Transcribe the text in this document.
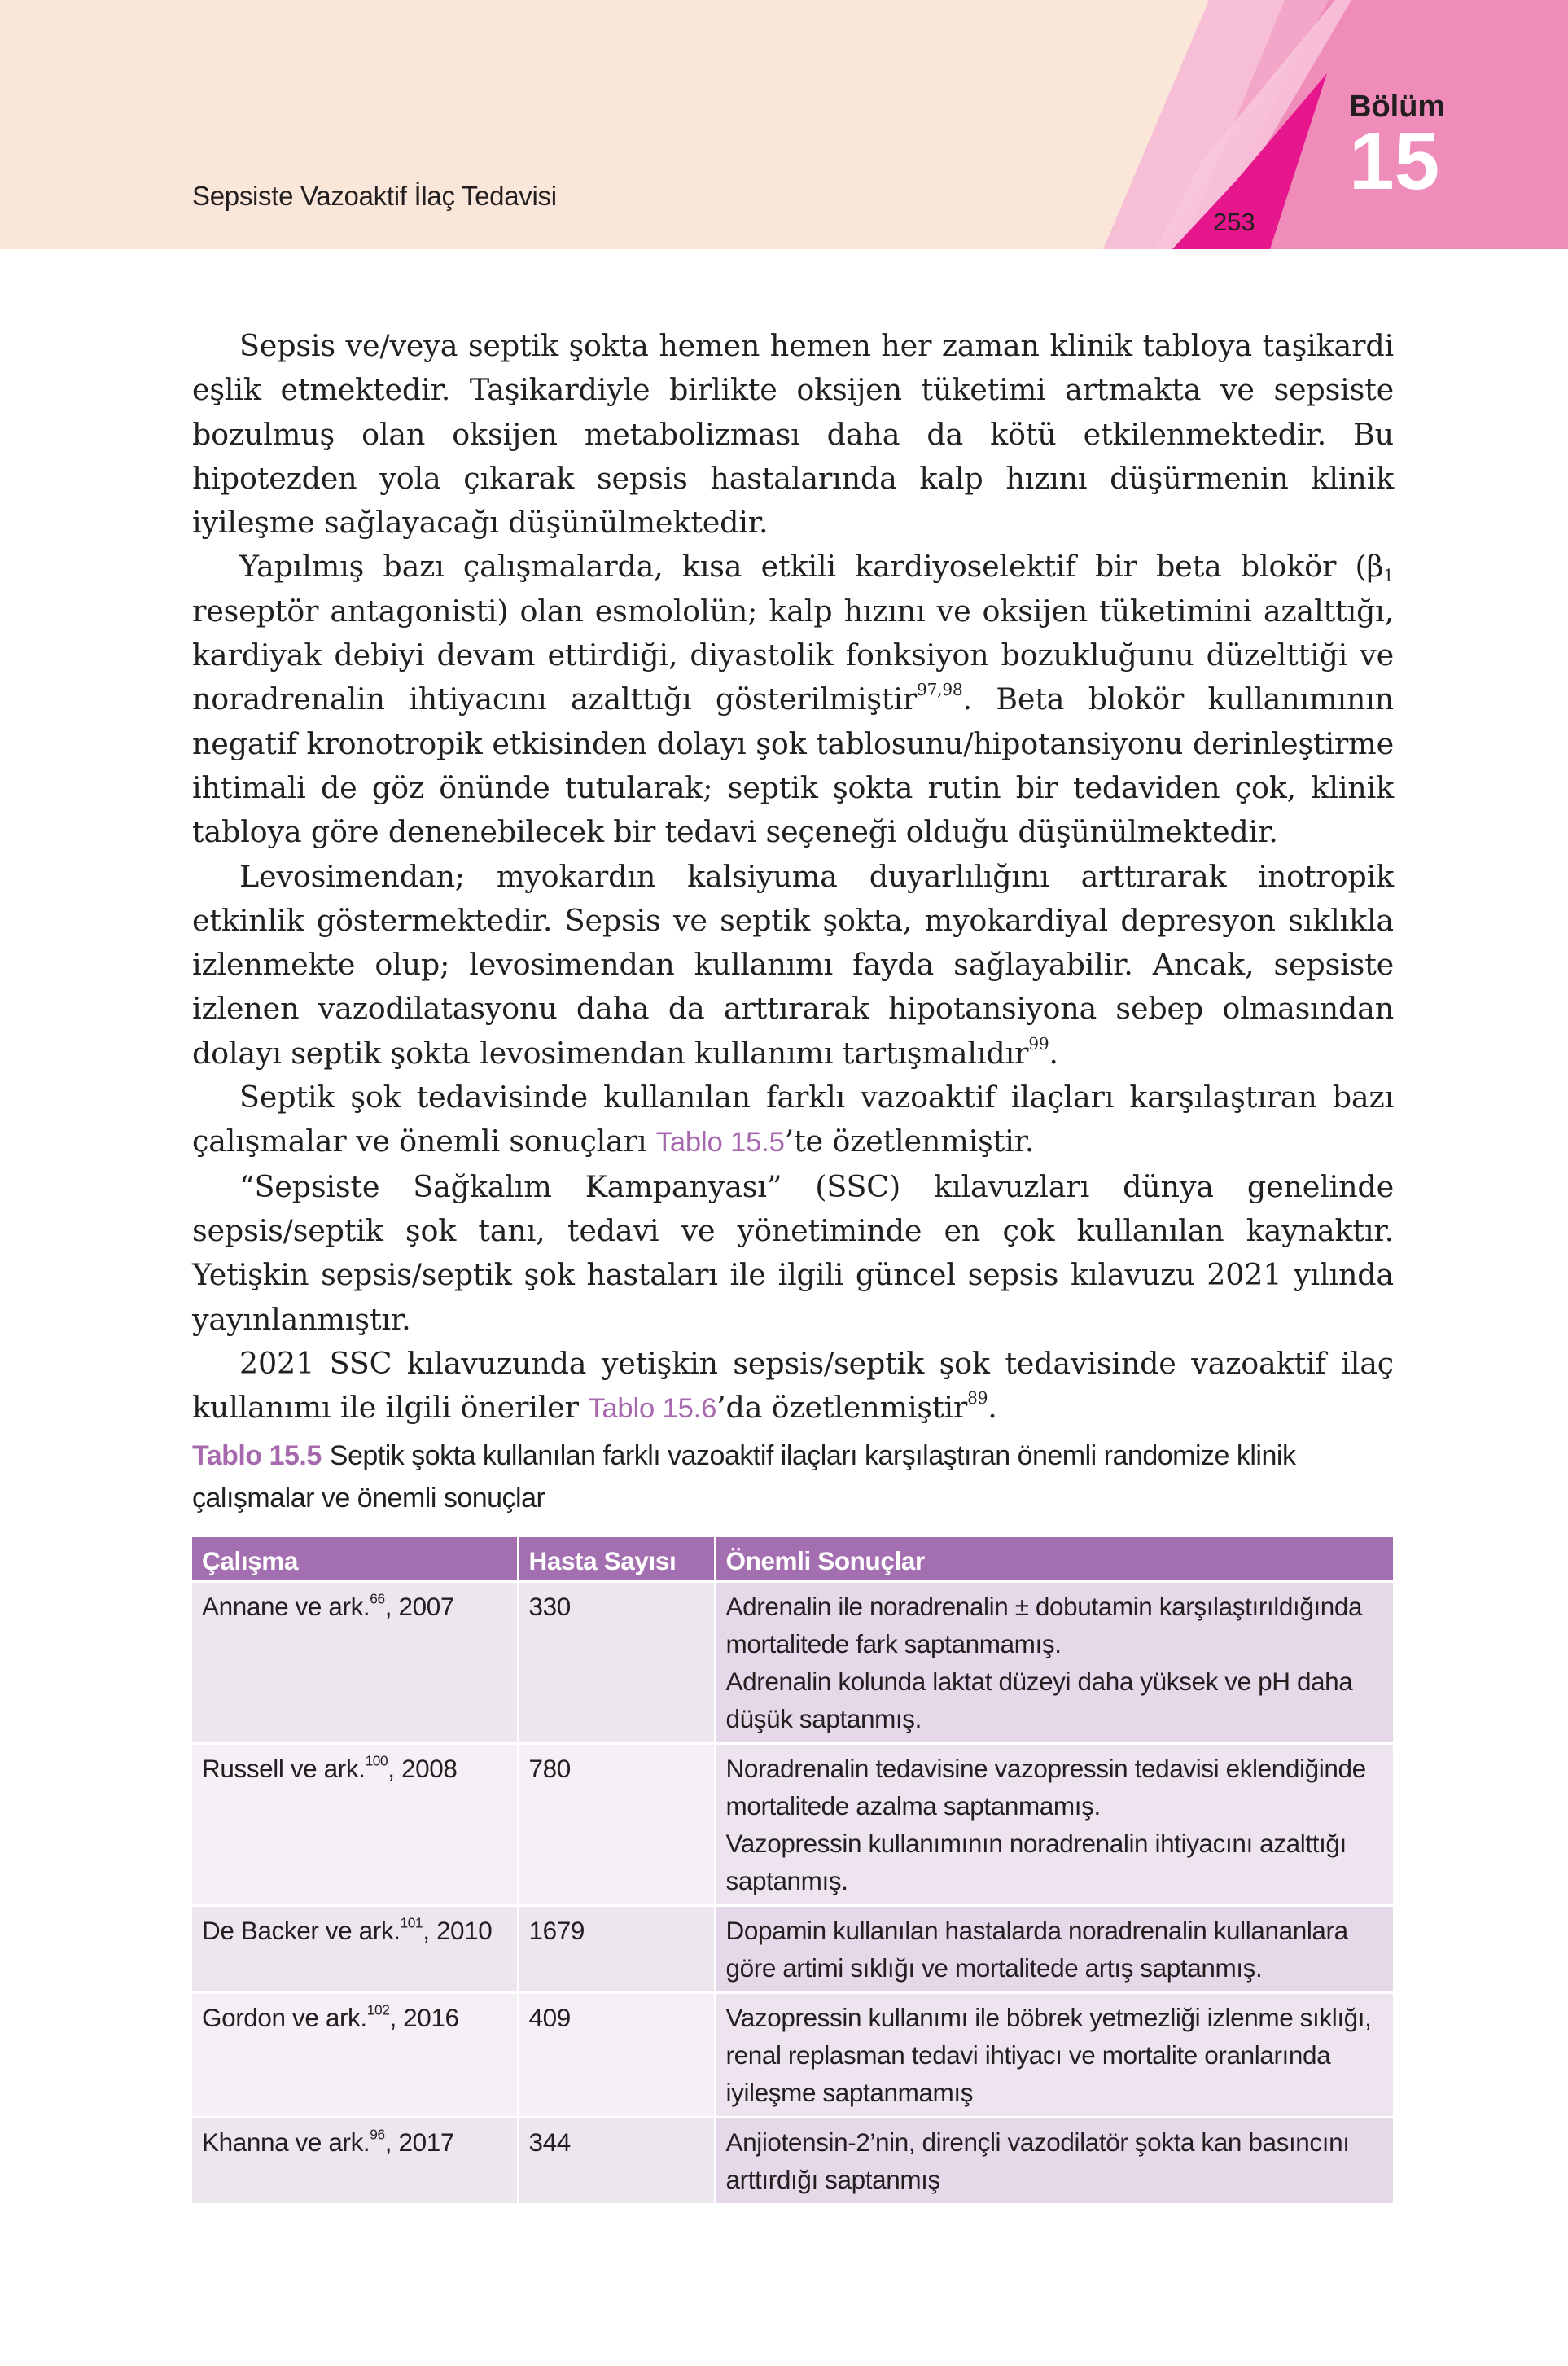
Sepsiste Vazoaktif İlaç Tedavisi
253
Bölüm
15

Sepsis ve/veya septik şokta hemen hemen her zaman klinik tabloya taşikardi eşlik etmektedir. Taşikardiyle birlikte oksijen tüketimi artmakta ve sepsiste bozulmuş olan oksijen metabolizması daha da kötü etkilenmektedir. Bu hipotezden yola çıkarak sepsis hastalarında kalp hızını düşürmenin klinik iyileşme sağlayacağı düşünülmektedir.

Yapılmış bazı çalışmalarda, kısa etkili kardiyoselektif bir beta blokör ($\beta_1$ reseptör antagonisti) olan esmololün; kalp hızını ve oksijen tüketimini azalttığı, kardiyak debiyi devam ettirdiği, diyastolik fonksiyon bozukluğunu düzelttiği ve noradrenalin ihtiyacını azalttığı gösterilmiştir$^{97,98}$. Beta blokör kullanımının negatif kronotropik etkisinden dolayı şok tablosunu/hipotansiyonu derinleştirme ihtimali de göz önünde tutularak; septik şokta rutin bir tedaviden çok, klinik tabloya göre denenebilecek bir tedavi seçeneği olduğu düşünülmektedir.

Levosimendan; myokardın kalsiyuma duyarlılığını arttırarak inotropik etkinlik göstermektedir. Sepsis ve septik şokta, myokardiyal depresyon sıklıkla izlenmekte olup; levosimendan kullanımı fayda sağlayabilir. Ancak, sepsiste izlenen vazodilatasyonu daha da arttırarak hipotansiyona sebep olmasından dolayı septik şokta levosimendan kullanımı tartışmalıdır$^{99}$.

Septik şok tedavisinde kullanılan farklı vazoaktif ilaçları karşılaştıran bazı çalışmalar ve önemli sonuçları Tablo 15.5’te özetlenmiştir.

“Sepsiste Sağkalım Kampanyası” (SSC) kılavuzları dünya genelinde sepsis/septik şok tanı, tedavi ve yönetiminde en çok kullanılan kaynaktır. Yetişkin sepsis/septik şok hastaları ile ilgili güncel sepsis kılavuzu 2021 yılında yayınlanmıştır.

2021 SSC kılavuzunda yetişkin sepsis/septik şok tedavisinde vazoaktif ilaç kullanımı ile ilgili öneriler Tablo 15.6’da özetlenmiştir$^{89}$.

Tablo 15.5 Septik şokta kullanılan farklı vazoaktif ilaçları karşılaştıran önemli randomize klinik çalışmalar ve önemli sonuçlar
Çalışma	Hasta Sayısı	Önemli Sonuçlar
Annane ve ark.$^{66}$, 2007	330	Adrenalin ile noradrenalin ± dobutamin karşılaştırıldığında mortalitede fark saptanmamış.
Adrenalin kolunda laktat düzeyi daha yüksek ve pH daha düşük saptanmış.

Russell ve ark.$^{100}$, 2008	780	Noradrenalin tedavisine vazopressin tedavisi eklendiğinde mortalitede azalma saptanmamış.
Vazopressin kullanımının noradrenalin ihtiyacını azalttığı saptanmış.

De Backer ve ark.$^{101}$, 2010	1679	Dopamin kullanılan hastalarda noradrenalin kullananlara göre artimi sıklığı ve mortalitede artış saptanmış.

Gordon ve ark.$^{102}$, 2016	409	Vazopressin kullanımı ile böbrek yetmezliği izlenme sıklığı, renal replasman tedavi ihtiyacı ve mortalite oranlarında iyileşme saptanmamış

Khanna ve ark.$^{96}$, 2017	344	Anjiotensin-2’nin, dirençli vazodilatör şokta kan basıncını arttırdığı saptanmış
